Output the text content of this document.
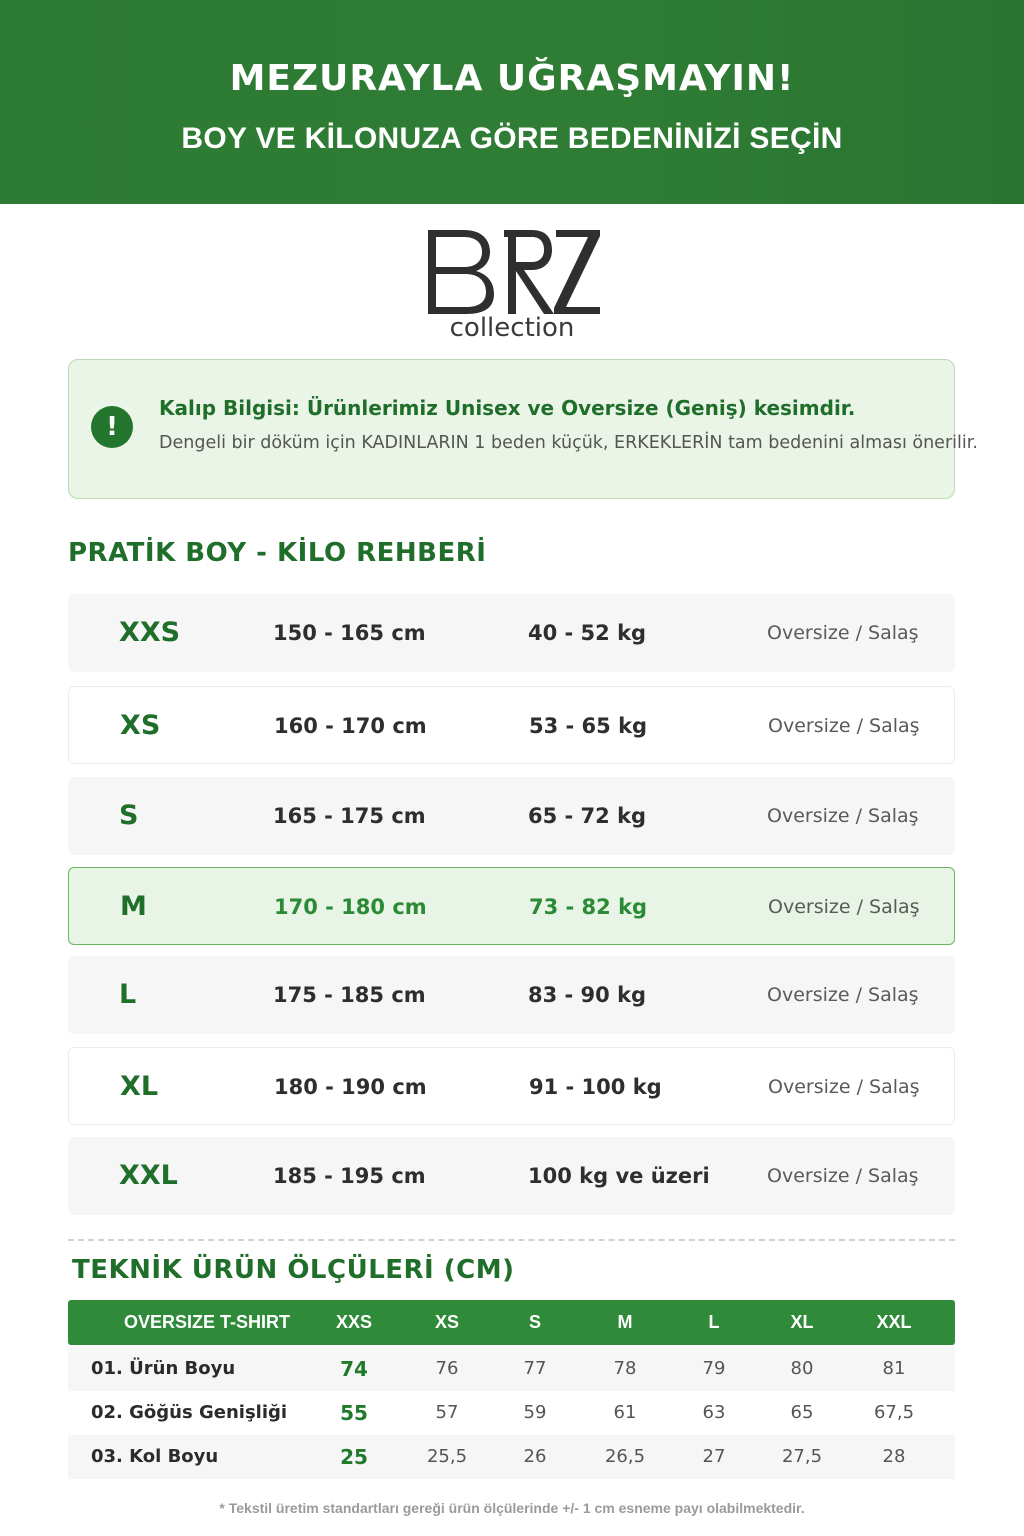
MEZURAYLA UĞRAŞMAYIN!
BOY VE KİLONUZA GÖRE BEDENİNİZİ SEÇİN
collection
!
Kalıp Bilgisi: Ürünlerimiz Unisex ve Oversize (Geniş) kesimdir.
Dengeli bir döküm için KADINLARIN 1 beden küçük, ERKEKLERİN tam bedenini alması önerilir.
PRATİK BOY - KİLO REHBERİ
XXS	150 - 165 cm	40 - 52 kg	Oversize / Salaş
XS	160 - 170 cm	53 - 65 kg	Oversize / Salaş
S	165 - 175 cm	65 - 72 kg	Oversize / Salaş
M	170 - 180 cm	73 - 82 kg	Oversize / Salaş
L	175 - 185 cm	83 - 90 kg	Oversize / Salaş
XL	180 - 190 cm	91 - 100 kg	Oversize / Salaş
XXL	185 - 195 cm	100 kg ve üzeri	Oversize / Salaş
TEKNİK ÜRÜN ÖLÇÜLERİ (CM)
OVERSIZE T-SHIRT	XXS	XS	S	M	L	XL	XXL
01. Ürün Boyu	74	76	77	78	79	80	81
02. Göğüs Genişliği	55	57	59	61	63	65	67,5
03. Kol Boyu	25	25,5	26	26,5	27	27,5	28
* Tekstil üretim standartları gereği ürün ölçülerinde +/- 1 cm esneme payı olabilmektedir.
